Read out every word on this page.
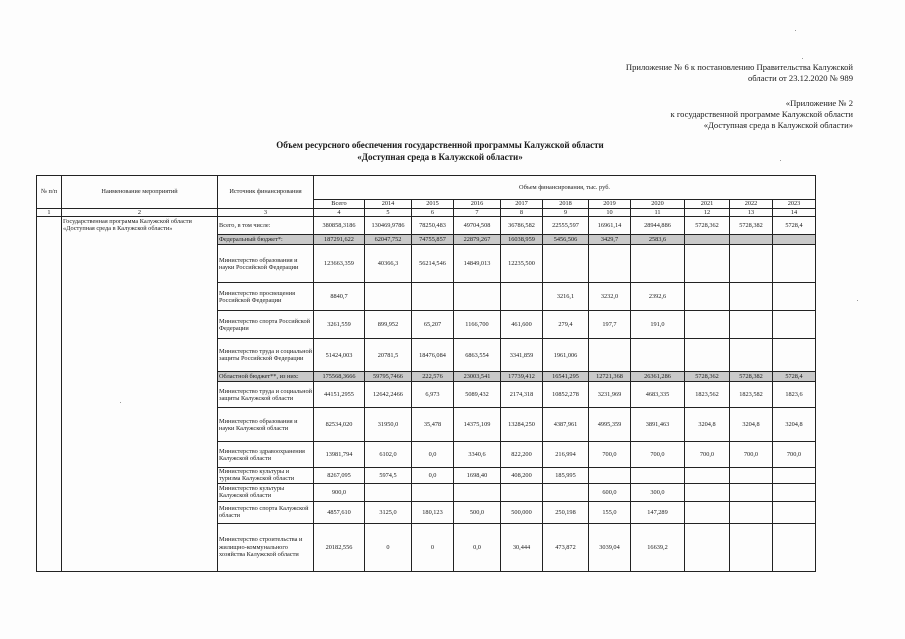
Приложение № 6 к постановлению Правительства Калужской
области от 23.12.2020 № 989
«Приложение № 2
к государственной программе Калужской области
«Доступная среда в Калужской области»
Объем ресурсного обеспечения государственной программы Калужской области
«Доступная среда в Калужской области»
№ п/п	Наименование мероприятий	Источник финансирования	Объем финансирования, тыс. руб.										
			Всего	2014	2015	2016	2017	2018	2019	2020	2021	2022	2023
1	2	3	4	5	6	7	8	9	10	11	12	13	14
	Государственная программа Калужской области «Доступная среда в Калужской области»	Всего, в том числе:	380858,3186	130469,9786	78250,483	49704,508	36786,582	22555,597	16961,14	28944,886	5728,362	5728,382	5728,4
		Федеральный бюджет*:	187291,622	62047,752	74755,857	22879,267	16038,959	5456,506	3429,7	2583,6			
		Министерство образования и науки Российской Федерации	123663,359	40366,3	56214,546	14849,013	12235,500						
		Министерство просвещения Российской Федерации	8840,7					3216,1	3232,0	2392,6			
		Министерство спорта Российской Федерации	3261,559	899,952	65,207	1166,700	461,600	279,4	197,7	191,0			
		Министерство труда и социальной защиты Российской Федерации	51424,003	20781,5	18476,084	6863,554	3341,859	1961,006					
		Областной бюджет**, из них:	175568,3666	59795,7466	222,576	23003,541	17739,412	16541,295	12721,368	26361,286	5728,362	5728,382	5728,4
		Министерство труда и социальной защиты Калужской области	44151,2955	12642,2466	6,973	5089,432	2174,318	10852,278	3231,969	4683,335	1823,562	1823,582	1823,6
		Министерство образования и науки Калужской области	82534,020	31950,0	35,478	14375,109	13284,250	4387,961	4995,359	3891,463	3204,8	3204,8	3204,8
		Министерство здравоохранения Калужской области	13981,794	6102,0	0,0	3340,6	822,200	216,994	700,0	700,0	700,0	700,0	700,0
		Министерство культуры и туризма Калужской области	8267,095	5974,5	0,0	1698,40	408,200	185,995					
		Министерство культуры Калужской области	900,0						600,0	300,0			
		Министерство спорта Калужской области	4857,610	3125,0	180,123	500,0	500,000	250,198	155,0	147,289			
		Министерство строительства и жилищно-коммунального хозяйства Калужской области	20182,556	0	0	0,0	30,444	473,872	3039,04	16639,2			
